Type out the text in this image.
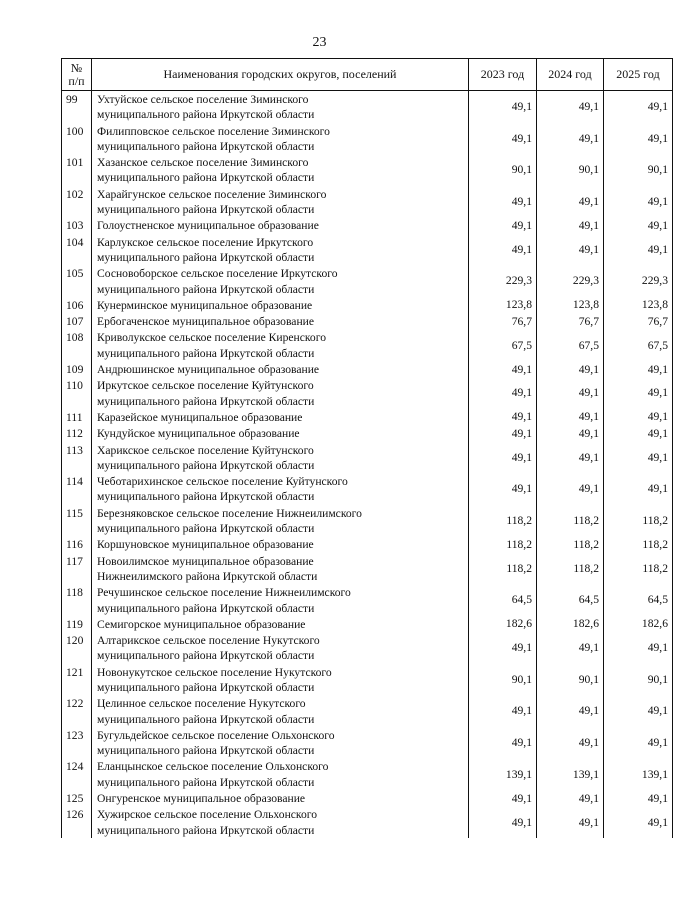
23
№
п/п	Наименования городских округов, поселений	2023 год	2024 год	2025 год
99	Ухтуйское сельское поселение Зиминского
муниципального района Иркутской области	49,1	49,1	49,1
100	Филипповское сельское поселение Зиминского
муниципального района Иркутской области	49,1	49,1	49,1
101	Хазанское сельское поселение Зиминского
муниципального района Иркутской области	90,1	90,1	90,1
102	Харайгунское сельское поселение Зиминского
муниципального района Иркутской области	49,1	49,1	49,1
103	Голоустненское муниципальное образование	49,1	49,1	49,1
104	Карлукское сельское поселение Иркутского
муниципального района Иркутской области	49,1	49,1	49,1
105	Сосновоборское сельское поселение Иркутского
муниципального района Иркутской области	229,3	229,3	229,3
106	Кунерминское муниципальное образование	123,8	123,8	123,8
107	Ербогаченское муниципальное образование	76,7	76,7	76,7
108	Криволукское сельское поселение Киренского
муниципального района Иркутской области	67,5	67,5	67,5
109	Андрюшинское муниципальное образование	49,1	49,1	49,1
110	Иркутское сельское поселение Куйтунского
муниципального района Иркутской области	49,1	49,1	49,1
111	Каразейское муниципальное образование	49,1	49,1	49,1
112	Кундуйское муниципальное образование	49,1	49,1	49,1
113	Харикское сельское поселение Куйтунского
муниципального района Иркутской области	49,1	49,1	49,1
114	Чеботарихинское сельское поселение Куйтунского
муниципального района Иркутской области	49,1	49,1	49,1
115	Березняковское сельское поселение Нижнеилимского
муниципального района Иркутской области	118,2	118,2	118,2
116	Коршуновское муниципальное образование	118,2	118,2	118,2
117	Новоилимское муниципальное образование
Нижнеилимского района Иркутской области	118,2	118,2	118,2
118	Речушинское сельское поселение Нижнеилимского
муниципального района Иркутской области	64,5	64,5	64,5
119	Семигорское муниципальное образование	182,6	182,6	182,6
120	Алтарикское сельское поселение Нукутского
муниципального района Иркутской области	49,1	49,1	49,1
121	Новонукутское сельское поселение Нукутского
муниципального района Иркутской области	90,1	90,1	90,1
122	Целинное сельское поселение Нукутского
муниципального района Иркутской области	49,1	49,1	49,1
123	Бугульдейское сельское поселение Ольхонского
муниципального района Иркутской области	49,1	49,1	49,1
124	Еланцынское сельское поселение Ольхонского
муниципального района Иркутской области	139,1	139,1	139,1
125	Онгуренское муниципальное образование	49,1	49,1	49,1
126	Хужирское сельское поселение Ольхонского
муниципального района Иркутской области	49,1	49,1	49,1
